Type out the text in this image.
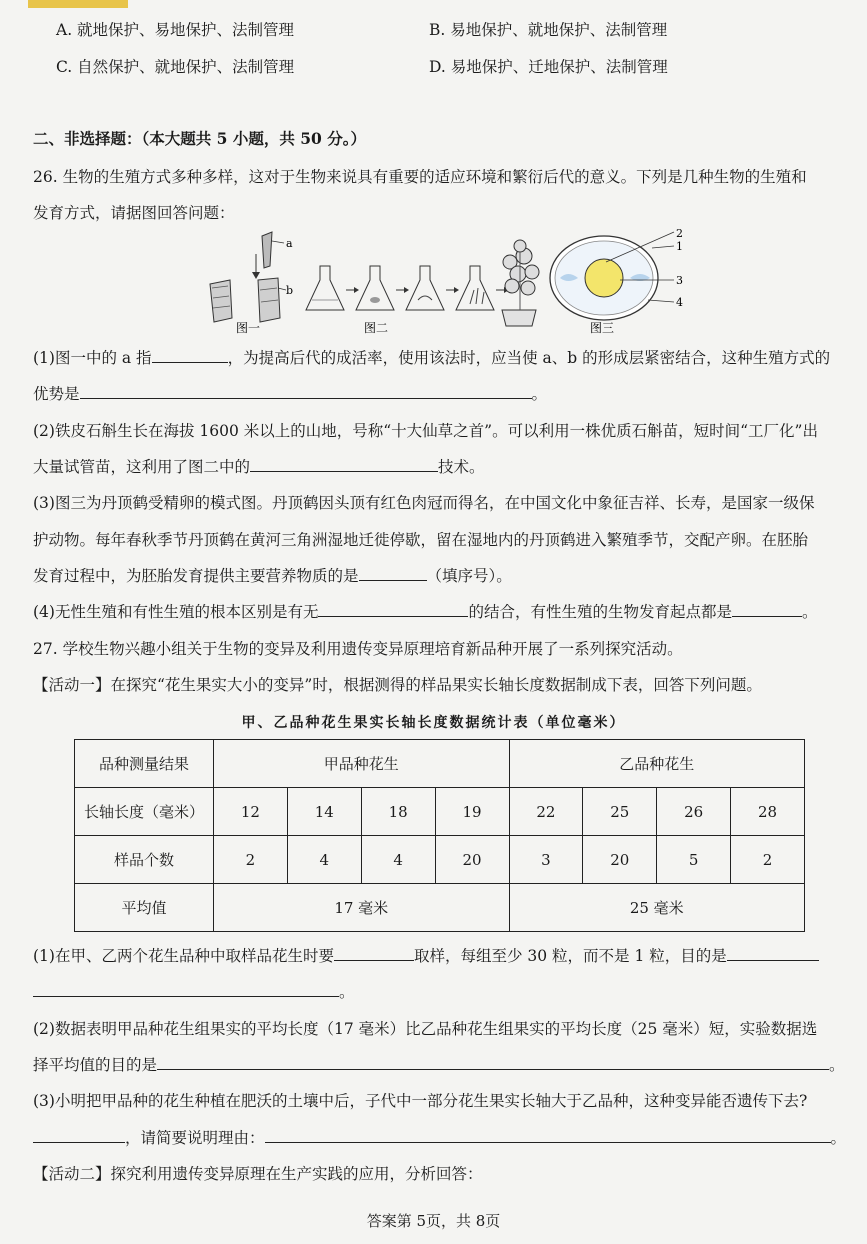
A. 就地保护、易地保护、法制管理	B. 易地保护、就地保护、法制管理
C. 自然保护、就地保护、法制管理	D. 易地保护、迁地保护、法制管理
二、非选择题：（本大题共 5 小题，共 50 分。）
26. 生物的生殖方式多种多样，这对于生物来说具有重要的适应环境和繁衍后代的意义。下列是几种生物的生殖和
发育方式，请据图回答问题：
a
b
图一	图二
2
1
3
4
图三
(1)图一中的 a 指	，为提高后代的成活率，使用该法时，应当使 a、b 的形成层紧密结合，这种生殖方式的
优势是	。
(2)铁皮石斛生长在海拔 1600 米以上的山地，号称“十大仙草之首”。可以利用一株优质石斛苗，短时间“工厂化”出
大量试管苗，这利用了图二中的	技术。
(3)图三为丹顶鹤受精卵的模式图。丹顶鹤因头顶有红色肉冠而得名，在中国文化中象征吉祥、长寿，是国家一级保
护动物。每年春秋季节丹顶鹤在黄河三角洲湿地迁徙停歇，留在湿地内的丹顶鹤进入繁殖季节，交配产卵。在胚胎
发育过程中，为胚胎发育提供主要营养物质的是	（填序号）。
(4)无性生殖和有性生殖的根本区别是有无	的结合，有性生殖的生物发育起点都是	。
27. 学校生物兴趣小组关于生物的变异及利用遗传变异原理培育新品种开展了一系列探究活动。
【活动一】在探究“花生果实大小的变异”时，根据测得的样品果实长轴长度数据制成下表，回答下列问题。
甲、乙品种花生果实长轴长度数据统计表（单位毫米）
品种测量结果	甲品种花生				乙品种花生			
长轴长度（毫米）	12	14	18	19	22	25	26	28
样品个数	2	4	4	20	3	20	5	2
平均值	17 毫米				25 毫米			
(1)在甲、乙两个花生品种中取样品花生时要	取样，每组至少 30 粒，而不是 1 粒，目的是
。
(2)数据表明甲品种花生组果实的平均长度（17 毫米）比乙品种花生组果实的平均长度（25 毫米）短，实验数据选
择平均值的目的是	。
(3)小明把甲品种的花生种植在肥沃的土壤中后，子代中一部分花生果实长轴大于乙品种，这种变异能否遗传下去?
，请简要说明理由：	。
【活动二】探究利用遗传变异原理在生产实践的应用，分析回答：
答案第 5页，共 8页
